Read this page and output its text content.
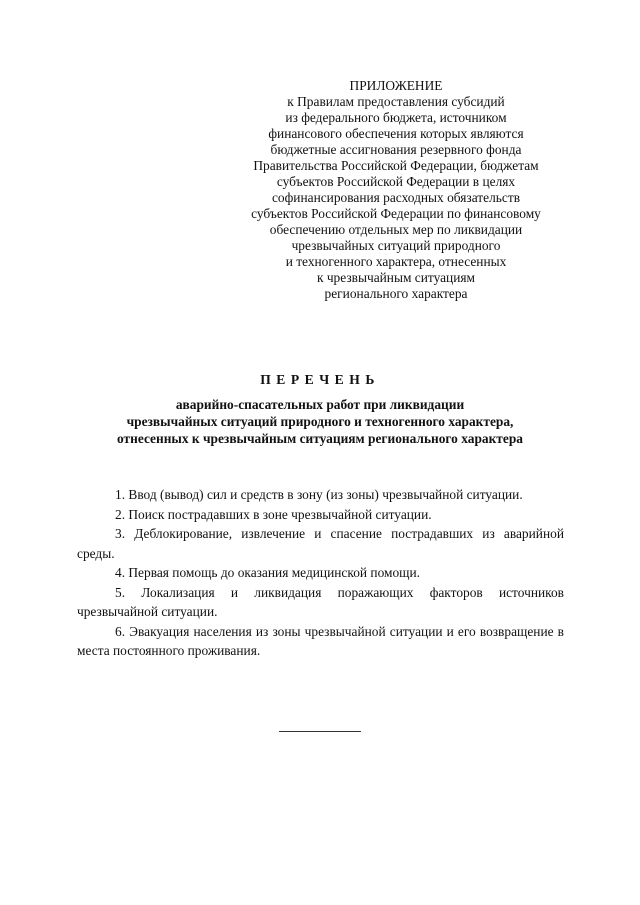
ПРИЛОЖЕНИЕ
к Правилам предоставления субсидий
из федерального бюджета, источником
финансового обеспечения которых являются
бюджетные ассигнования резервного фонда
Правительства Российской Федерации, бюджетам
субъектов Российской Федерации в целях
софинансирования расходных обязательств
субъектов Российской Федерации по финансовому
обеспечению отдельных мер по ликвидации
чрезвычайных ситуаций природного
и техногенного характера, отнесенных
к чрезвычайным ситуациям
регионального характера
ПЕРЕЧЕНЬ
аварийно-спасательных работ при ликвидации
чрезвычайных ситуаций природного и техногенного характера,
отнесенных к чрезвычайным ситуациям регионального характера
1. Ввод (вывод) сил и средств в зону (из зоны) чрезвычайной ситуации.
2. Поиск пострадавших в зоне чрезвычайной ситуации.
3. Деблокирование, извлечение и спасение пострадавших из аварийной среды.
4. Первая помощь до оказания медицинской помощи.
5. Локализация и ликвидация поражающих факторов источников чрезвычайной ситуации.
6. Эвакуация населения из зоны чрезвычайной ситуации и его возвращение в места постоянного проживания.
